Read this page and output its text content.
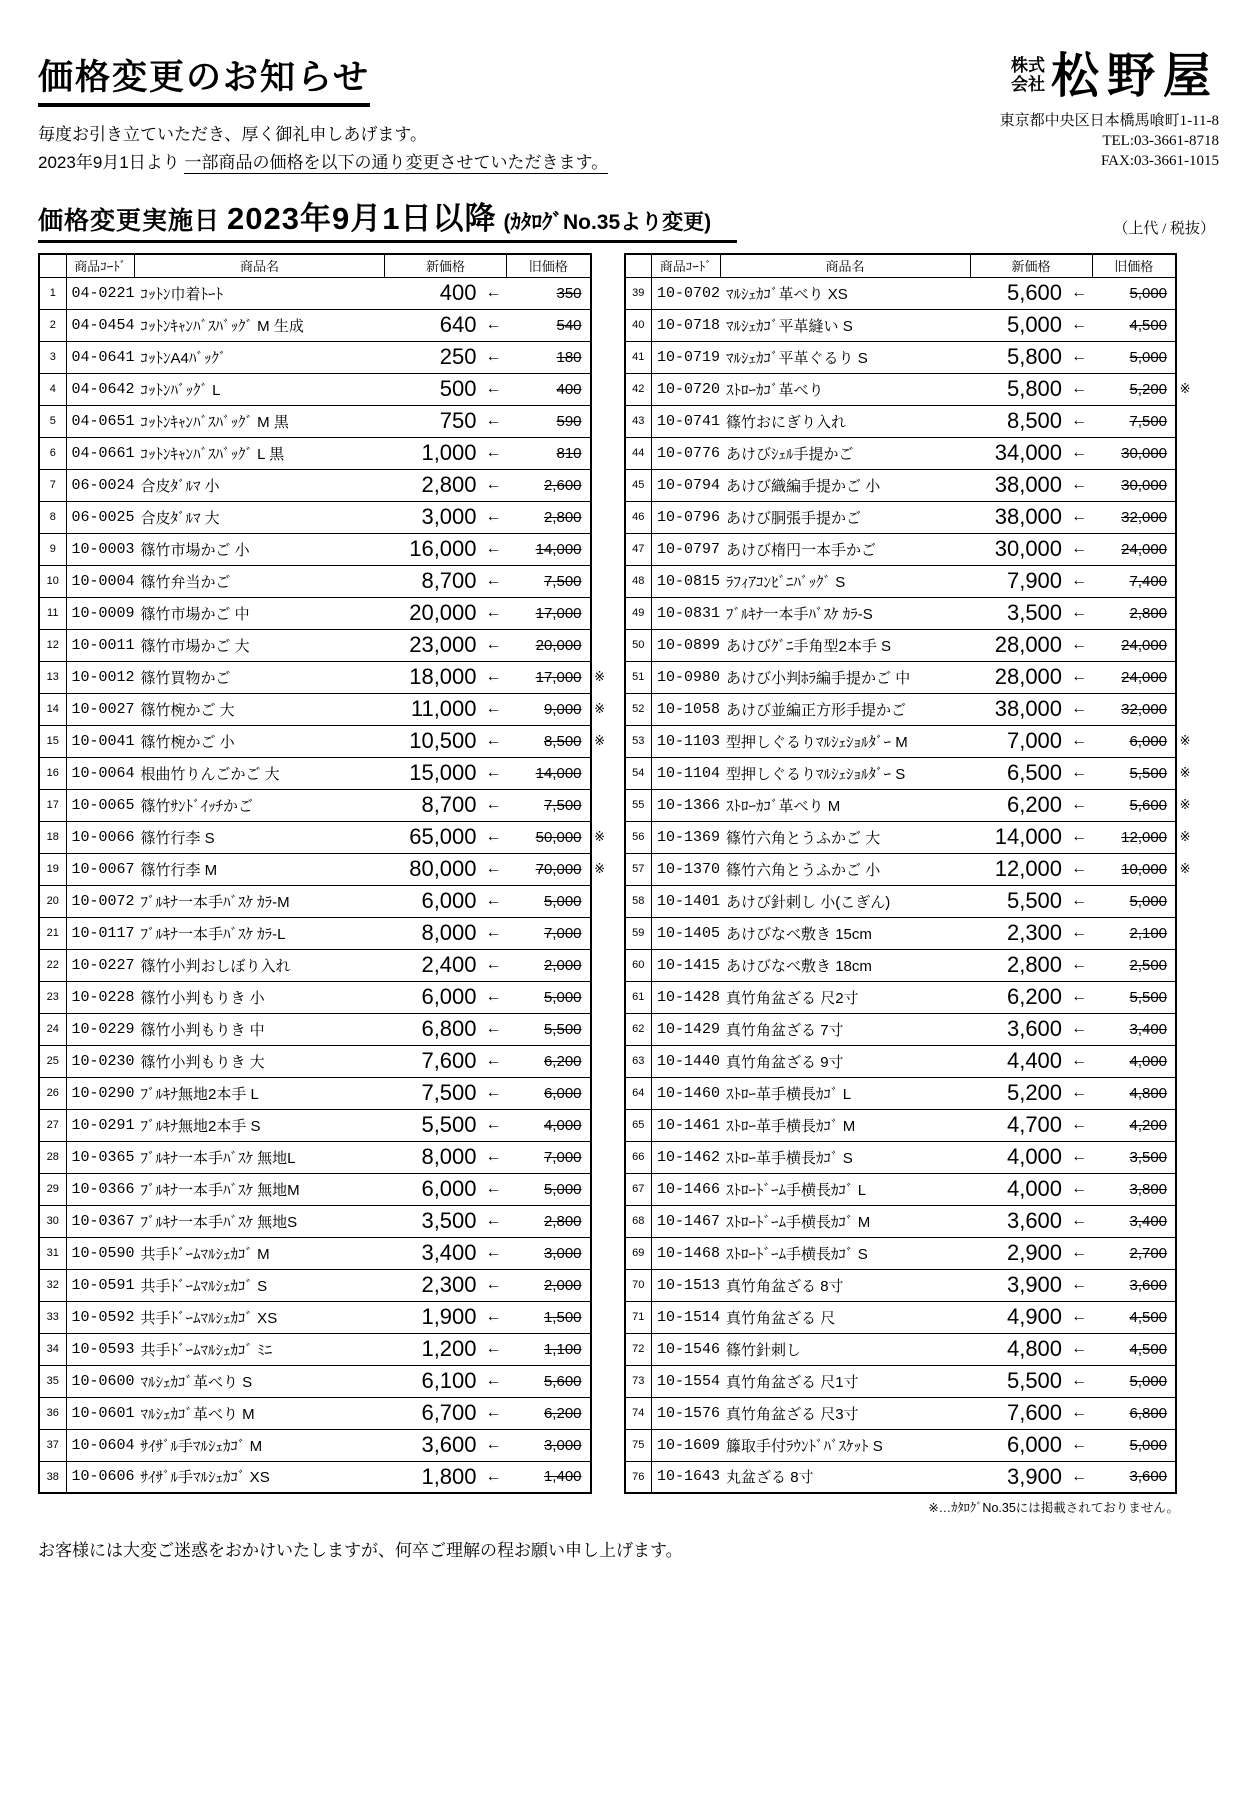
価格変更のお知らせ

毎度お引き立ていただき、厚く御礼申しあげます。
2023年9月1日より 一部商品の価格を以下の通り変更させていただきます。

株式
会社 松野屋
東京都中央区日本橋馬喰町1-11-8
TEL:03-3661-8718
FAX:03-3661-1015
価格変更実施日 2023年9月1日以降 (ｶﾀﾛｸﾞNo.35より変更)	（上代 / 税抜）
	商品ｺｰﾄﾞ	商品名	新価格		旧価格	
1	04-0221	ｺｯﾄﾝ巾着ﾄｰﾄ	400	←	350	
2	04-0454	ｺｯﾄﾝｷｬﾝﾊﾞｽﾊﾞｯｸﾞ M 生成	640	←	540	
3	04-0641	ｺｯﾄﾝA4ﾊﾞｯｸﾞ	250	←	180	
4	04-0642	ｺｯﾄﾝﾊﾞｯｸﾞ L	500	←	400	
5	04-0651	ｺｯﾄﾝｷｬﾝﾊﾞｽﾊﾞｯｸﾞ M 黒	750	←	590	
6	04-0661	ｺｯﾄﾝｷｬﾝﾊﾞｽﾊﾞｯｸﾞ L 黒	1,000	←	810	
7	06-0024	合皮ﾀﾞﾙﾏ 小	2,800	←	2,600	
8	06-0025	合皮ﾀﾞﾙﾏ 大	3,000	←	2,800	
9	10-0003	篠竹市場かご 小	16,000	←	14,000	
10	10-0004	篠竹弁当かご	8,700	←	7,500	
11	10-0009	篠竹市場かご 中	20,000	←	17,000	
12	10-0011	篠竹市場かご 大	23,000	←	20,000	
13	10-0012	篠竹買物かご	18,000	←	17,000	※
14	10-0027	篠竹椀かご 大	11,000	←	9,000	※
15	10-0041	篠竹椀かご 小	10,500	←	8,500	※
16	10-0064	根曲竹りんごかご 大	15,000	←	14,000	
17	10-0065	篠竹ｻﾝﾄﾞｲｯﾁかご	8,700	←	7,500	
18	10-0066	篠竹行李 S	65,000	←	50,000	※
19	10-0067	篠竹行李 M	80,000	←	70,000	※
20	10-0072	ﾌﾞﾙｷﾅ一本手ﾊﾞｽｹ ｶﾗ-M	6,000	←	5,000	
21	10-0117	ﾌﾞﾙｷﾅ一本手ﾊﾞｽｹ ｶﾗ-L	8,000	←	7,000	
22	10-0227	篠竹小判おしぼり入れ	2,400	←	2,000	
23	10-0228	篠竹小判もりき 小	6,000	←	5,000	
24	10-0229	篠竹小判もりき 中	6,800	←	5,500	
25	10-0230	篠竹小判もりき 大	7,600	←	6,200	
26	10-0290	ﾌﾞﾙｷﾅ無地2本手 L	7,500	←	6,000	
27	10-0291	ﾌﾞﾙｷﾅ無地2本手 S	5,500	←	4,000	
28	10-0365	ﾌﾞﾙｷﾅ一本手ﾊﾞｽｹ 無地L	8,000	←	7,000	
29	10-0366	ﾌﾞﾙｷﾅ一本手ﾊﾞｽｹ 無地M	6,000	←	5,000	
30	10-0367	ﾌﾞﾙｷﾅ一本手ﾊﾞｽｹ 無地S	3,500	←	2,800	
31	10-0590	共手ﾄﾞｰﾑﾏﾙｼｪｶｺﾞ M	3,400	←	3,000	
32	10-0591	共手ﾄﾞｰﾑﾏﾙｼｪｶｺﾞ S	2,300	←	2,000	
33	10-0592	共手ﾄﾞｰﾑﾏﾙｼｪｶｺﾞ XS	1,900	←	1,500	
34	10-0593	共手ﾄﾞｰﾑﾏﾙｼｪｶｺﾞ ﾐﾆ	1,200	←	1,100	
35	10-0600	ﾏﾙｼｪｶｺﾞ革べり S	6,100	←	5,600	
36	10-0601	ﾏﾙｼｪｶｺﾞ革べり M	6,700	←	6,200	
37	10-0604	ｻｲｻﾞﾙ手ﾏﾙｼｪｶｺﾞ M	3,600	←	3,000	
38	10-0606	ｻｲｻﾞﾙ手ﾏﾙｼｪｶｺﾞ XS	1,800	←	1,400	
	商品ｺｰﾄﾞ	商品名	新価格		旧価格	
39	10-0702	ﾏﾙｼｪｶｺﾞ革べり XS	5,600	←	5,000	
40	10-0718	ﾏﾙｼｪｶｺﾞ平革縫い S	5,000	←	4,500	
41	10-0719	ﾏﾙｼｪｶｺﾞ平革ぐるり S	5,800	←	5,000	
42	10-0720	ｽﾄﾛｰｶｺﾞ革べり	5,800	←	5,200	※
43	10-0741	篠竹おにぎり入れ	8,500	←	7,500	
44	10-0776	あけびｼｪﾙ手提かご	34,000	←	30,000	
45	10-0794	あけび織編手提かご 小	38,000	←	30,000	
46	10-0796	あけび胴張手提かご	38,000	←	32,000	
47	10-0797	あけび楕円一本手かご	30,000	←	24,000	
48	10-0815	ﾗﾌｨｱｺﾝﾋﾞﾆﾊﾞｯｸﾞ S	7,900	←	7,400	
49	10-0831	ﾌﾞﾙｷﾅ一本手ﾊﾞｽｹ ｶﾗ-S	3,500	←	2,800	
50	10-0899	あけびｸﾞﾆ手角型2本手 S	28,000	←	24,000	
51	10-0980	あけび小判ﾎﾗ編手提かご 中	28,000	←	24,000	
52	10-1058	あけび並編正方形手提かご	38,000	←	32,000	
53	10-1103	型押しぐるりﾏﾙｼｪｼｮﾙﾀﾞｰ M	7,000	←	6,000	※
54	10-1104	型押しぐるりﾏﾙｼｪｼｮﾙﾀﾞｰ S	6,500	←	5,500	※
55	10-1366	ｽﾄﾛｰｶｺﾞ革べり M	6,200	←	5,600	※
56	10-1369	篠竹六角とうふかご 大	14,000	←	12,000	※
57	10-1370	篠竹六角とうふかご 小	12,000	←	10,000	※
58	10-1401	あけび針刺し 小(こぎん)	5,500	←	5,000	
59	10-1405	あけびなべ敷き 15cm	2,300	←	2,100	
60	10-1415	あけびなべ敷き 18cm	2,800	←	2,500	
61	10-1428	真竹角盆ざる 尺2寸	6,200	←	5,500	
62	10-1429	真竹角盆ざる 7寸	3,600	←	3,400	
63	10-1440	真竹角盆ざる 9寸	4,400	←	4,000	
64	10-1460	ｽﾄﾛｰ革手横長ｶｺﾞ L	5,200	←	4,800	
65	10-1461	ｽﾄﾛｰ革手横長ｶｺﾞ M	4,700	←	4,200	
66	10-1462	ｽﾄﾛｰ革手横長ｶｺﾞ S	4,000	←	3,500	
67	10-1466	ｽﾄﾛｰﾄﾞｰﾑ手横長ｶｺﾞ L	4,000	←	3,800	
68	10-1467	ｽﾄﾛｰﾄﾞｰﾑ手横長ｶｺﾞ M	3,600	←	3,400	
69	10-1468	ｽﾄﾛｰﾄﾞｰﾑ手横長ｶｺﾞ S	2,900	←	2,700	
70	10-1513	真竹角盆ざる 8寸	3,900	←	3,600	
71	10-1514	真竹角盆ざる 尺	4,900	←	4,500	
72	10-1546	篠竹針刺し	4,800	←	4,500	
73	10-1554	真竹角盆ざる 尺1寸	5,500	←	5,000	
74	10-1576	真竹角盆ざる 尺3寸	7,600	←	6,800	
75	10-1609	籐取手付ﾗｳﾝﾄﾞﾊﾞｽｹｯﾄ S	6,000	←	5,000	
76	10-1643	丸盆ざる 8寸	3,900	←	3,600	
※…ｶﾀﾛｸﾞNo.35には掲載されておりません。

お客様には大変ご迷惑をおかけいたしますが、何卒ご理解の程お願い申し上げます。
